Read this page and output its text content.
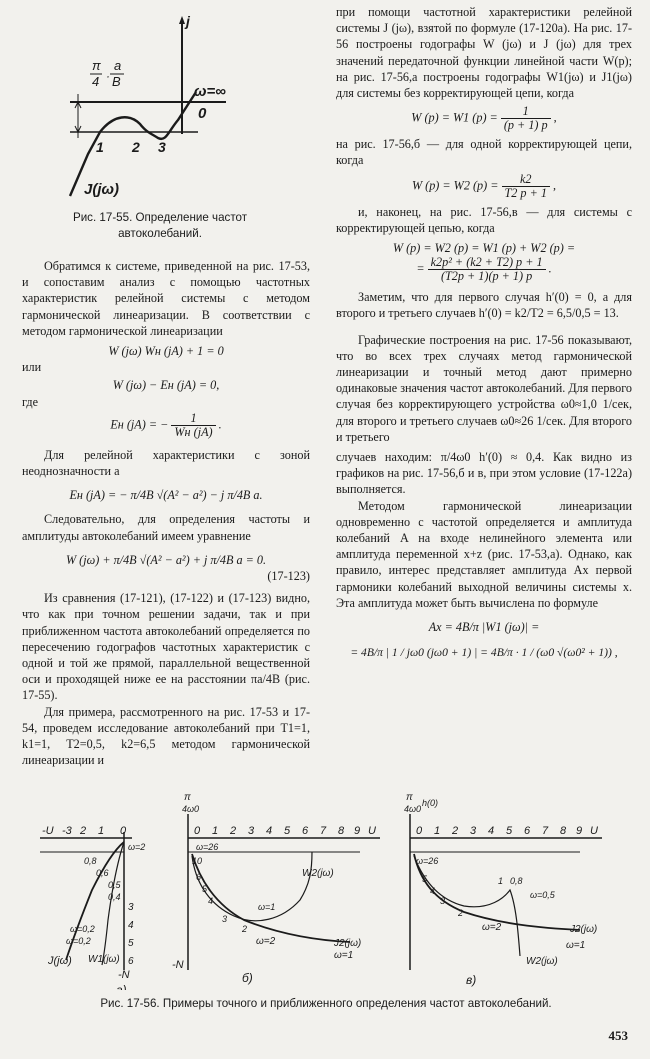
π
4 ·
a
B
j
ω=∞
0
1 2 3
J(jω)
Рис. 17-55. Определение частот
автоколебаний.

Обратимся к системе, приведенной на рис. 17-53, и сопоставим анализ с помощью частотных характеристик релейной системы с методом гармонической линеаризации. В соответствии с методом гармонической линеаризации

W (jω) Wн (jA) + 1 = 0

или

W (jω) − Eн (jA) = 0,

где

Eн (jA) = − $\frac{1}{Wн (jA)}$ .

Для релейной характеристики с зоной неоднозначности a

Eн (jA) = − π/4B √(A² − a²) − j π/4B a.

Следовательно, для определения частоты и амплитуды автоколебаний имеем уравнение

W (jω) + π/4B √(A² − a²) + j π/4B a = 0.

(17-123)

Из сравнения (17-121), (17-122) и (17-123) видно, что как при точном решении задачи, так и при приближенном частота автоколебаний определяется по пересечению годографов частотных характеристик с одной и той же прямой, параллельной вещественной оси и проходящей ниже ее на расстоянии πa/4B (рис. 17-55).

Для примера, рассмотренного на рис. 17-53 и 17-54, проведем исследование автоколебаний при T1=1, k1=1, T2=0,5, k2=6,5 методом гармонической линеаризации и

при помощи частотной характеристики релейной системы J (jω), взятой по формуле (17-120а). На рис. 17-56 построены годографы W (jω) и J (jω) для трех значений передаточной функции линейной части W(p); на рис. 17-56,а построены годографы W1(jω) и J1(jω) для системы без корректирующей цепи, когда

W (p) = W1 $(p) = \frac{1}{(p + 1) p}$ ,

на рис. 17-56,б — для одной корректирующей цепи, когда

W (p) = W2 $(p) = \frac{k2}{T2 p + 1}$ ,

и, наконец, на рис. 17-56,в — для системы с корректирующей цепью, когда

W (p) = W2 (p) = W1 (p) + W2 (p) =

= $\frac{\text{k2p² + (k2 + T2) p + 1}}{(T2p + 1)(p + 1) p}$ .

Заметим, что для первого случая h′(0) = 0, а для второго и третьего случаев h′(0) = k2/T2 = 6,5/0,5 = 13.

Графические построения на рис. 17-56 показывают, что во всех трех случаях метод гармонической линеаризации и точный метод дают примерно одинаковые значения частот автоколебаний. Для первого случая без корректирующего устройства ω0≈1,0 1/сек, для второго и третьего случаев ω0≈26 1/сек. Для второго и третьего

случаев находим: π/4ω0 h′(0) ≈ 0,4. Как видно из графиков на рис. 17-56,б и в, при этом условие (17-122а) выполняется.

Методом гармонической линеаризации одновременно с частотой определяется и амплитуда колебаний A на входе нелинейного элемента или амплитуда переменной x+z (рис. 17-53,а). Однако, как правило, интерес представляет амплитуда Ax первой гармоники колебаний выходной величины системы x. Эта амплитуда может быть вычислена по формуле

Ax = 4B/π |W1 (jω)| =

= 4B/π | 1 / jω0 (jω0 + 1) | = 4B/π · 1 / (ω0 √(ω0² + 1)) ,

-U -3 2 1 0
ω=2
0,8
0,6
0,5
0,4
ω=0,2
ω=0,2
3
4
5
6
J(jω) W1(jω)
-N
а)
π
4ω0
0 1 2 3 4 5 6 7 8 9 U
ω=26
ω=1
ω=2
ω=1
10
6
5
4
3
2
W2(jω)
J2(jω)
-N
б)
π
4ω0
h(0)
0 1 2 3 4 5 6 7 8 9 U
ω=26
ω=0,5
ω=2
ω=1
5
4
3
2
1 0,8
J2(jω)
W2(jω)
в)
Рис. 17-56. Примеры точного и приближенного определения частот автоколебаний.
453
